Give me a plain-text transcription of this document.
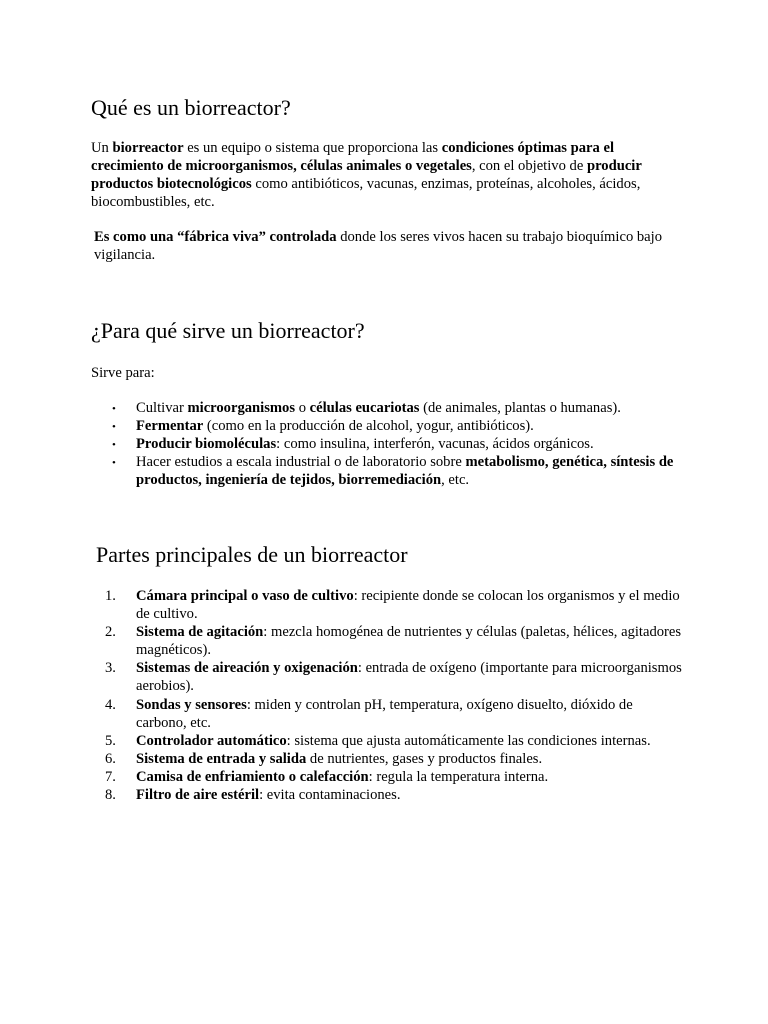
Qué es un biorreactor?

Un biorreactor es un equipo o sistema que proporciona las condiciones óptimas para el crecimiento de microorganismos, células animales o vegetales, con el objetivo de producir productos biotecnológicos como antibióticos, vacunas, enzimas, proteínas, alcoholes, ácidos, biocombustibles, etc.

Es como una “fábrica viva” controlada donde los seres vivos hacen su trabajo bioquímico bajo vigilancia.

¿Para qué sirve un biorreactor?

Sirve para:

• Cultivar microorganismos o células eucariotas (de animales, plantas o humanas).
• Fermentar (como en la producción de alcohol, yogur, antibióticos).
• Producir biomoléculas: como insulina, interferón, vacunas, ácidos orgánicos.
• Hacer estudios a escala industrial o de laboratorio sobre metabolismo, genética, síntesis de productos, ingeniería de tejidos, biorremediación, etc.
Partes principales de un biorreactor
1. Cámara principal o vaso de cultivo: recipiente donde se colocan los organismos y el medio de cultivo.
2. Sistema de agitación: mezcla homogénea de nutrientes y células (paletas, hélices, agitadores magnéticos).
3. Sistemas de aireación y oxigenación: entrada de oxígeno (importante para microorganismos aerobios).
4. Sondas y sensores: miden y controlan pH, temperatura, oxígeno disuelto, dióxido de carbono, etc.
5. Controlador automático: sistema que ajusta automáticamente las condiciones internas.
6. Sistema de entrada y salida de nutrientes, gases y productos finales.
7. Camisa de enfriamiento o calefacción: regula la temperatura interna.
8. Filtro de aire estéril: evita contaminaciones.
